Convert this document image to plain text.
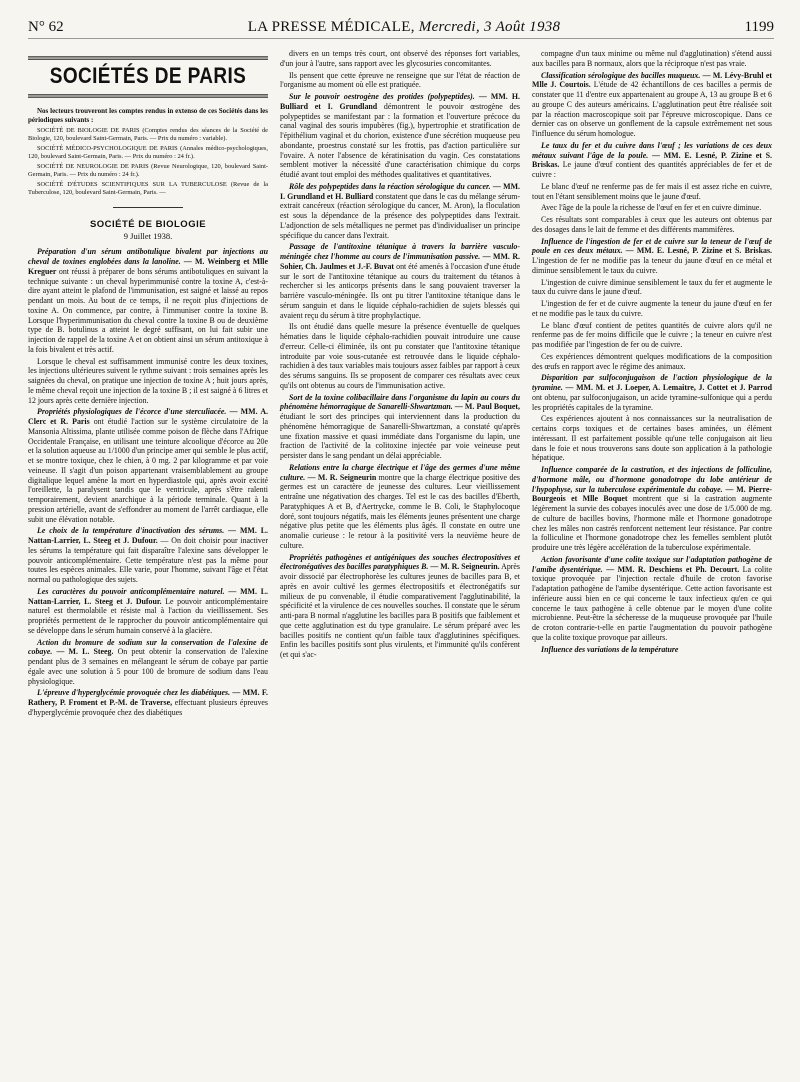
N° 62	LA PRESSE MÉDICALE, Mercredi, 3 Août 1938	1199
SOCIÉTÉS DE PARIS

Nos lecteurs trouveront les comptes rendus in extenso de ces Sociétés dans les périodiques suivants :

SOCIÉTÉ DE BIOLOGIE DE PARIS (Comptes rendus des séances de la Société de Biologie, 120, boulevard Saint-Germain, Paris. — Prix du numéro : variable).

SOCIÉTÉ MÉDICO-PSYCHOLOGIQUE DE PARIS (Annales médico-psychologiques, 120, boulevard Saint-Germain, Paris. — Prix du numéro : 24 fr.).

SOCIÉTÉ DE NEUROLOGIE DE PARIS (Revue Neurologique, 120, boulevard Saint-Germain, Paris. — Prix du numéro : 24 fr.).

SOCIÉTÉ D'ÉTUDES SCIENTIFIQUES SUR LA TUBERCULOSE (Revue de la Tuberculose, 120, boulevard Saint-Germain, Paris. —

SOCIÉTÉ DE BIOLOGIE
9 Juillet 1938.

Préparation d'un sérum antibotulique bivalent par injections au cheval de toxines englobées dans la lanoline. — M. Weinberg et Mlle Kreguer ont réussi à préparer de bons sérums antibotuliques en suivant la technique suivante : un cheval hyperimmunisé contre la toxine A, c'est-à-dire ayant atteint le plafond de l'immunisation, est saigné et laissé au repos pendant un mois. Au bout de ce temps, il ne reçoit plus d'injections de toxine A. On commence, par contre, à l'immuniser contre la toxine B. Lorsque l'hyperimmunisation du cheval contre la toxine B ou de deuxième type de B. botulinus a atteint le degré suffisant, on lui fait subir une injection de rappel de la toxine A et on obtient ainsi un sérum antitoxique à la fois bivalent et très actif.

Lorsque le cheval est suffisamment immunisé contre les deux toxines, les injections ultérieures suivent le rythme suivant : trois semaines après les saignées du cheval, on pratique une injection de toxine A ; huit jours après, le même cheval reçoit une injection de la toxine B ; il est saigné à 6 litres et 12 jours après cette dernière injection.

Propriétés physiologiques de l'écorce d'une sterculiacée. — MM. A. Clerc et R. Paris ont étudié l'action sur le système circulatoire de la Mansonia Altissima, plante utilisée comme poison de flèche dans l'Afrique Occidentale Française, en utilisant une teinture alcoolique d'écorce au 20e et la solution aqueuse au 1/1000 d'un principe amer qui semble le plus actif, et se montre toxique, chez le chien, à 0 mg. 2 par kilogramme et par voie veineuse. Il s'agit d'un poison appartenant vraisemblablement au groupe digitalique lequel amène la mort en hyperdiastole qui, après avoir excité l'oreillette, la paralysent tandis que le ventricule, après s'être ralenti temporairement, devient anarchique à la période terminale. Quant à la pression artérielle, avant de s'effondrer au moment de l'arrêt cardiaque, elle subit une élévation notable.

Le choix de la température d'inactivation des sérums. — MM. L. Nattan-Larrier, L. Steeg et J. Dufour. — On doit choisir pour inactiver les sérums la température qui fait disparaître l'alexine sans développer le pouvoir anticomplémentaire. Cette température n'est pas la même pour toutes les espèces animales. Elle varie, pour l'homme, suivant l'âge et l'état normal ou pathologique des sujets.

Les caractères du pouvoir anticomplémentaire naturel. — MM. L. Nattan-Larrier, L. Steeg et J. Dufour. Le pouvoir anticomplémentaire naturel est thermolabile et résiste mal à l'action du vieillissement. Ses propriétés permettent de le rapprocher du pouvoir anticomplémentaire qui se développe dans le sérum humain conservé à la glacière.

Action du bromure de sodium sur la conservation de l'alexine de cobaye. — M. L. Steeg. On peut obtenir la conservation de l'alexine pendant plus de 3 semaines en mélangeant le sérum de cobaye par partie égale avec une solution à 5 pour 100 de bromure de sodium dans l'eau physiologique.

L'épreuve d'hyperglycémie provoquée chez les diabétiques. — MM. F. Rathery, P. Froment et P.-M. de Traverse, effectuant plusieurs épreuves d'hyperglycémie provoquée chez des diabétiques

divers en un temps très court, ont observé des réponses fort variables, d'un jour à l'autre, sans rapport avec les glycosuries concomitantes.

Ils pensent que cette épreuve ne renseigne que sur l'état de réaction de l'organisme au moment où elle est pratiquée.

Sur le pouvoir oestrogène des protides (polypeptides). — MM. H. Bulliard et I. Grundland démontrent le pouvoir œstrogène des polypeptides se manifestant par : la formation et l'ouverture précoce du canal vaginal des souris impubères (fig.), hypertrophie et stratification de l'épithélium vaginal et du chorion, existence d'une sécrétion muqueuse peu abondante, proestrus constaté sur les frottis, pas d'action particulière sur l'ovaire. A noter l'absence de kératinisation du vagin. Ces constatations semblent motiver la nécessité d'une caractérisation chimique du corps étudié avant tout emploi des méthodes qualitatives et quantitatives.

Rôle des polypeptides dans la réaction sérologique du cancer. — MM. I. Grundland et H. Bulliard constatent que dans le cas du mélange sérum-extrait cancéreux (réaction sérologique du cancer, M. Aron), la floculation est sous la dépendance de la présence des polypeptides dans l'extrait. L'adjonction de sels métalliques ne permet pas d'individualiser un principe spécifique du cancer dans l'extrait.

Passage de l'antitoxine tétanique à travers la barrière vasculo-méningée chez l'homme au cours de l'immunisation passive. — MM. R. Sohier, Ch. Jaulmes et J.-F. Buvat ont été amenés à l'occasion d'une étude sur le sort de l'antitoxine tétanique au cours du traitement du tétanos à rechercher si les anticorps présents dans le sang pouvaient traverser la barrière vasculo-méningée. Ils ont pu titrer l'antitoxine tétanique dans le sérum sanguin et dans le liquide céphalo-rachidien de sujets blessés qui avaient reçu du sérum à titre prophylactique.

Ils ont étudié dans quelle mesure la présence éventuelle de quelques hématies dans le liquide céphalo-rachidien pouvait introduire une cause d'erreur. Celle-ci éliminée, ils ont pu constater que l'antitoxine tétanique introduite par voie sous-cutanée est retrouvée dans le liquide céphalo-rachidien à des taux variables mais toujours assez faibles par rapport à ceux des sérums sanguins. Ils se proposent de comparer ces résultats avec ceux qu'ils ont obtenus au cours de l'immunisation active.

Sort de la toxine colibacillaire dans l'organisme du lapin au cours du phénomène hémorragique de Sanarelli-Shwartzman. — M. Paul Boquet, étudiant le sort des principes qui interviennent dans la production du phénomène hémorragique de Sanarelli-Shwartzman, a constaté qu'après une fixation massive et quasi immédiate dans l'organisme du lapin, une fraction de l'activité de la colitoxine injectée par voie veineuse peut persister dans le sang pendant un délai appréciable.

Relations entre la charge électrique et l'âge des germes d'une même culture. — M. R. Seigneurin montre que la charge électrique positive des germes est un caractère de jeunesse des cultures. Leur vieillissement entraîne une négativation des charges. Tel est le cas des bacilles d'Eberth, Paratyphiques A et B, d'Aertrycke, comme le B. Coli, le Staphylocoque doré, sont toujours négatifs, mais les éléments jeunes présentent une charge négative plus petite que les éléments plus âgés. Il constate en outre une anomalie curieuse : le retour à la positivité vers la neuvième heure de culture.

Propriétés pathogènes et antigéniques des souches électropositives et électronégatives des bacilles paratyphiques B. — M. R. Seigneurin. Après avoir dissocié par électrophorèse les cultures jeunes de bacilles para B, et après en avoir cultivé les germes électropositifs et électronégatifs sur milieux de pu convenable, il étudie comparativement l'agglutinabilité, la spécificité et la virulence de ces nouvelles souches. Il constate que le sérum anti-para B normal n'agglutine les bacilles para B positifs que faiblement et que cette agglutination est du type granulaire. Le sérum préparé avec les bacilles positifs ne contient qu'un faible taux d'agglutinines spécifiques. Enfin les bacilles positifs sont plus virulents, et l'immunité qu'ils confèrent (et qui s'ac-

compagne d'un taux minime ou même nul d'agglutination) s'étend aussi aux bacilles para B normaux, alors que la réciproque n'est pas vraie.

Classification sérologique des bacilles muqueux. — M. Lévy-Bruhl et Mlle J. Courtois. L'étude de 42 échantillons de ces bacilles a permis de constater que 11 d'entre eux appartenaient au groupe A, 13 au groupe B et 6 au groupe C des auteurs américains. L'agglutination peut être réalisée soit par la réaction macroscopique soit par l'épreuve microscopique. Dans ce dernier cas on observe un gonflement de la capsule extrêmement net sous l'influence du sérum homologue.

Le taux du fer et du cuivre dans l'œuf ; les variations de ces deux métaux suivant l'âge de la poule. — MM. E. Lesné, P. Zizine et S. Briskas. Le jaune d'œuf contient des quantités appréciables de fer et de cuivre :

Le blanc d'œuf ne renferme pas de fer mais il est assez riche en cuivre, tout en l'étant sensiblement moins que le jaune d'œuf.

Avec l'âge de la poule la richesse de l'œuf en fer et en cuivre diminue.

Ces résultats sont comparables à ceux que les auteurs ont obtenus par des dosages dans le lait de femme et des différents mammifères.

Influence de l'ingestion de fer et de cuivre sur la teneur de l'œuf de poule en ces deux métaux. — MM. E. Lesné, P. Zizine et S. Briskas. L'ingestion de fer ne modifie pas la teneur du jaune d'œuf en ce métal et diminue sensiblement le taux du cuivre.

L'ingestion de cuivre diminue sensiblement le taux du fer et augmente le taux du cuivre dans le jaune d'œuf.

L'ingestion de fer et de cuivre augmente la teneur du jaune d'œuf en fer et ne modifie pas le taux du cuivre.

Le blanc d'œuf contient de petites quantités de cuivre alors qu'il ne renferme pas de fer moins difficile que le cuivre ; la teneur en cuivre n'est pas modifiée par l'ingestion de fer ou de cuivre.

Ces expériences démontrent quelques modifications de la composition des œufs en rapport avec le régime des animaux.

Disparition par sulfoconjugaison de l'action physiologique de la tyramine. — MM. M. et J. Loeper, A. Lemaitre, J. Cottet et J. Parrod ont obtenu, par sulfoconjugaison, un acide tyramine-sulfonique qui a perdu les propriétés capitales de la tyramine.

Ces expériences ajoutent à nos connaissances sur la neutralisation de certains corps toxiques et de certaines bases aminées, un élément intéressant. Il est parfaitement possible qu'une telle conjugaison ait lieu dans le foie et nous trouverons sans doute son application à la pathologie hépatique.

Influence comparée de la castration, et des injections de folliculine, d'hormone mâle, ou d'hormone gonadotrope du lobe antérieur de l'hypophyse, sur la tuberculose expérimentale du cobaye. — M. Pierre-Bourgeois et Mlle Boquet montrent que si la castration augmente légèrement la survie des cobayes inoculés avec une dose de 1/5.000 de mg. de culture de bacilles bovins, l'hormone mâle et l'hormone gonadotrope chez les mâles non castrés renforcent nettement leur résistance. Par contre la folliculine et l'hormone gonadotrope chez les femelles semblent plutôt produire une très légère accélération de la tuberculose expérimentale.

Action favorisante d'une colite toxique sur l'adaptation pathogène de l'amibe dysentérique. — MM. R. Deschiens et Ph. Decourt. La colite toxique provoquée par l'injection rectale d'huile de croton favorise l'adaptation pathogène de l'amibe dysentérique. Cette action favorisante est inférieure aussi bien en ce qui concerne le taux infectieux qu'en ce qui concerne le taux pathogène à celle obtenue par le moyen d'une colite microbienne. Peut-être la sécheresse de la muqueuse provoquée par l'huile de croton contrarie-t-elle en partie l'augmentation du pouvoir pathogène que la colite toxique provoque par ailleurs.

Influence des variations de la température
